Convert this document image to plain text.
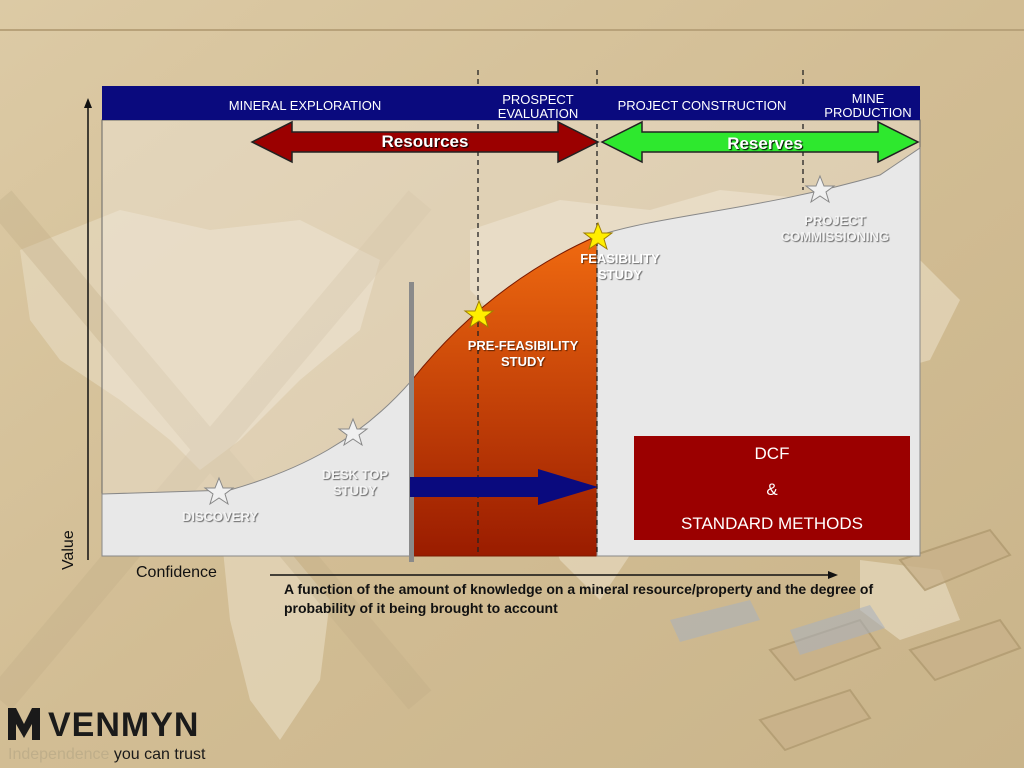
MINERAL EXPLORATION	PROSPECT EVALUATION
PROJECT CONSTRUCTION	MINE PRODUCTION
Resources	Reserves
DISCOVERY
DESK TOP STUDY
PRE-FEASIBILITY STUDY
FEASIBILITY STUDY
PROJECT COMMISSIONING
DCF
&
STANDARD METHODS
Value
Confidence
A function of the amount of knowledge on a mineral resource/property and the degree of probability of it being brought to account
VENMYN
Independence you can trust
